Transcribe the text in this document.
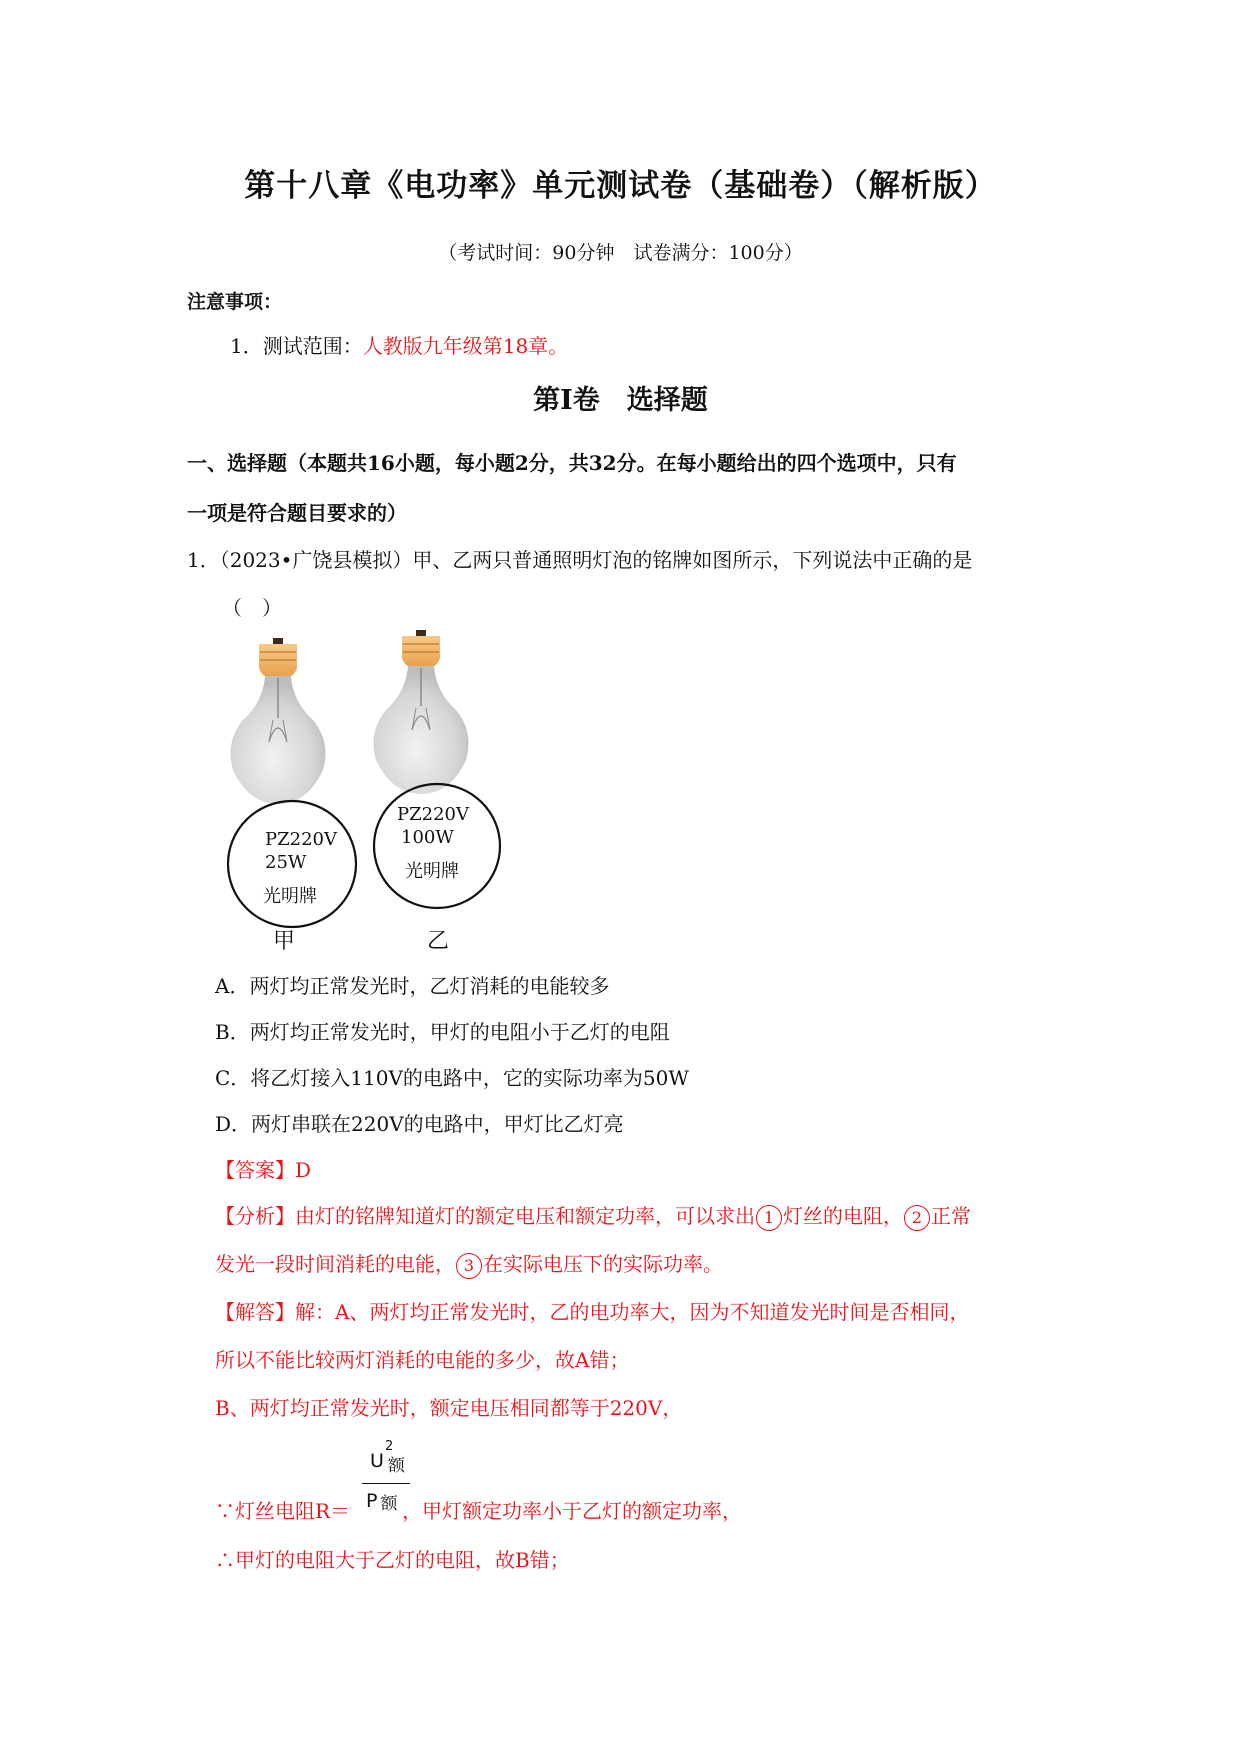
第十八章《电功率》单元测试卷（基础卷）（解析版）
（考试时间：90分钟　试卷满分：100分）
注意事项：
1．测试范围：人教版九年级第18章。
第Ⅰ卷　选择题
一、选择题（本题共16小题，每小题2分，共32分。在每小题给出的四个选项中，只有
一项是符合题目要求的）
1．（2023•广饶县模拟）甲、乙两只普通照明灯泡的铭牌如图所示，下列说法中正确的是
（　）
PZ220V
25W
光明牌
PZ220V
100W
光明牌
甲	乙
A．两灯均正常发光时，乙灯消耗的电能较多
B．两灯均正常发光时，甲灯的电阻小于乙灯的电阻
C．将乙灯接入110V的电路中，它的实际功率为50W
D．两灯串联在220V的电路中，甲灯比乙灯亮
【答案】D
【分析】由灯的铭牌知道灯的额定电压和额定功率，可以求出 1 灯丝的电阻， 2 正常
发光一段时间消耗的电能， 3 在实际电压下的实际功率。
【解答】解：A、两灯均正常发光时，乙的电功率大，因为不知道发光时间是否相同，
所以不能比较两灯消耗的电能的多少，故A错；
B、两灯均正常发光时，额定电压相同都等于220V，
U
2
额
P 额
∵灯丝电阻R＝	，甲灯额定功率小于乙灯的额定功率，
∴甲灯的电阻大于乙灯的电阻，故B错；
